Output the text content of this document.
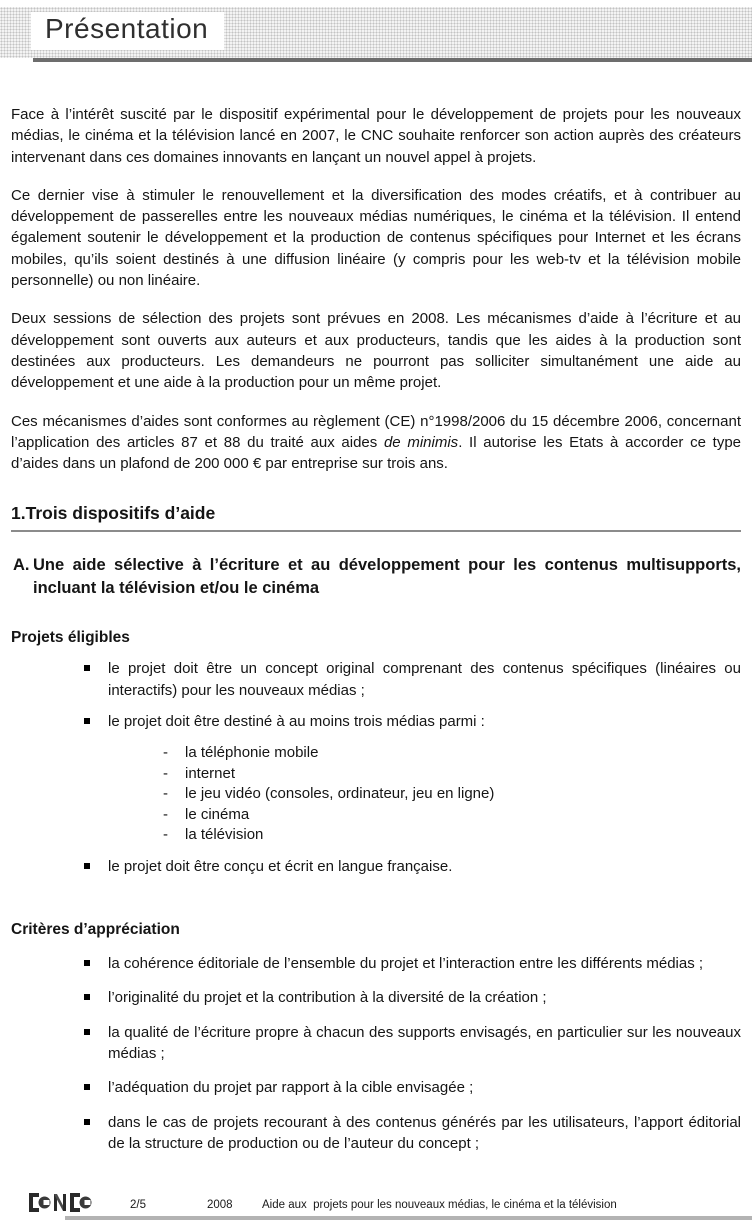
Présentation

Face à l’intérêt suscité par le dispositif expérimental pour le développement de projets pour les nouveaux médias, le cinéma et la télévision lancé en 2007, le CNC souhaite renforcer son action auprès des créateurs intervenant dans ces domaines innovants en lançant un nouvel appel à projets.

Ce dernier vise à stimuler le renouvellement et la diversification des modes créatifs, et à contribuer au développement de passerelles entre les nouveaux médias numériques, le cinéma et la télévision. Il entend également soutenir le développement et la production de contenus spécifiques pour Internet et les écrans mobiles, qu’ils soient destinés à une diffusion linéaire (y compris pour les web-tv et la télévision mobile personnelle) ou non linéaire.

Deux sessions de sélection des projets sont prévues en 2008. Les mécanismes d’aide à l’écriture et au développement sont ouverts aux auteurs et aux producteurs, tandis que les aides à la production sont destinées aux producteurs. Les demandeurs ne pourront pas solliciter simultanément une aide au développement et une aide à la production pour un même projet.

Ces mécanismes d’aides sont conformes au règlement (CE) n°1998/2006 du 15 décembre 2006, concernant l’application des articles 87 et 88 du traité aux aides de minimis. Il autorise les Etats à accorder ce type d’aides dans un plafond de 200 000 € par entreprise sur trois ans.

1.Trois dispositifs d’aide
A. Une aide sélective à l’écriture et au développement pour les contenus multisupports, incluant la télévision et/ou le cinéma
Projets éligibles
le projet doit être un concept original comprenant des contenus spécifiques (linéaires ou interactifs) pour les nouveaux médias ;
le projet doit être destiné à au moins trois médias parmi :
-	la téléphonie mobile
-	internet
-	le jeu vidéo (consoles, ordinateur, jeu en ligne)
-	le cinéma
-	la télévision
le projet doit être conçu et écrit en langue française.
Critères d’appréciation
la cohérence éditoriale de l’ensemble du projet et l’interaction entre les différents médias ;
l’originalité du projet et la contribution à la diversité de la création ;
la qualité de l’écriture propre à chacun des supports envisagés, en particulier sur les nouveaux médias ;
l’adéquation du projet par rapport à la cible envisagée ;
dans le cas de projets recourant à des contenus générés par les utilisateurs, l’apport éditorial de la structure de production ou de l’auteur du concept ;
2/5	2008	Aide aux  projets pour les nouveaux médias, le cinéma et la télévision
